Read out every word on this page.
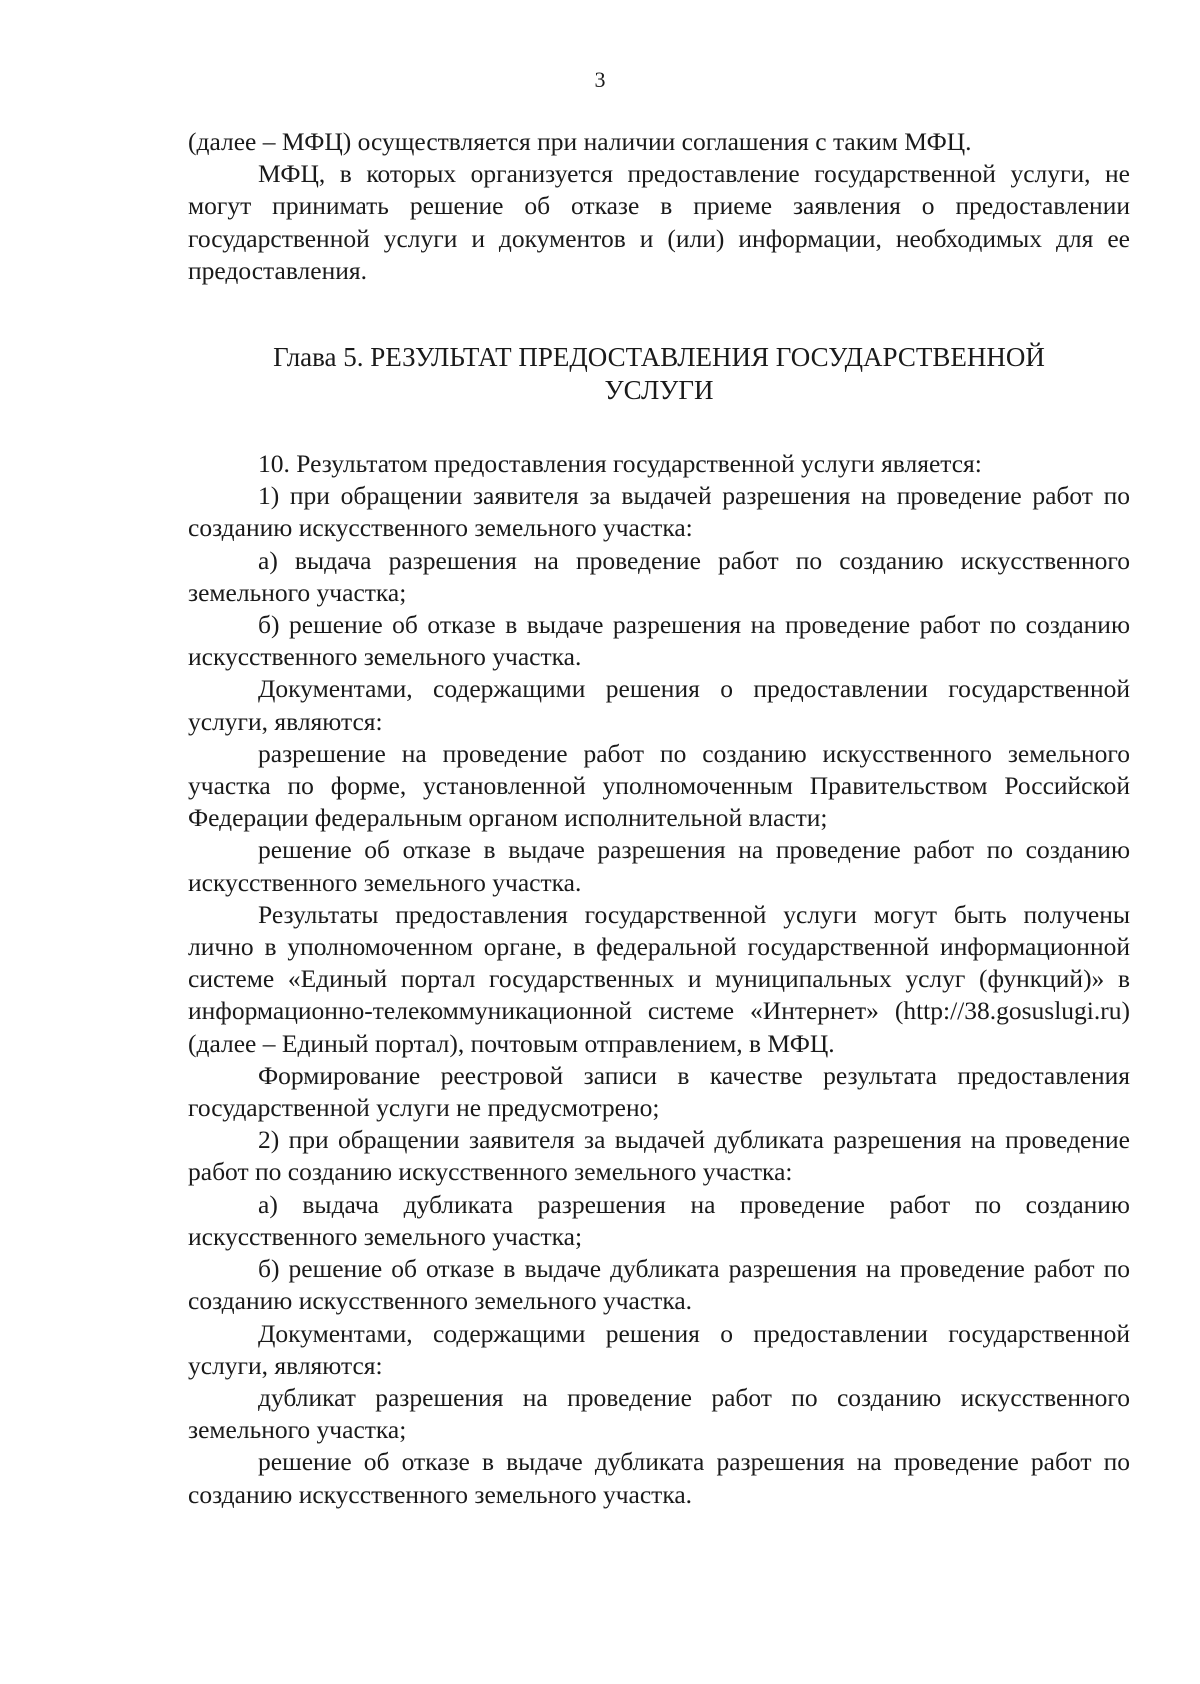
3

(далее – МФЦ) осуществляется при наличии соглашения с таким МФЦ.

МФЦ, в которых организуется предоставление государственной услуги, не могут принимать решение об отказе в приеме заявления о предоставлении государственной услуги и документов и (или) информации, необходимых для ее предоставления.

Глава 5. РЕЗУЛЬТАТ ПРЕДОСТАВЛЕНИЯ ГОСУДАРСТВЕННОЙ УСЛУГИ

10. Результатом предоставления государственной услуги является:

1) при обращении заявителя за выдачей разрешения на проведение работ по созданию искусственного земельного участка:

а) выдача разрешения на проведение работ по созданию искусственного земельного участка;

б) решение об отказе в выдаче разрешения на проведение работ по созданию искусственного земельного участка.

Документами, содержащими решения о предоставлении государственной услуги, являются:

разрешение на проведение работ по созданию искусственного земельного участка по форме, установленной уполномоченным Правительством Российской Федерации федеральным органом исполнительной власти;

решение об отказе в выдаче разрешения на проведение работ по созданию искусственного земельного участка.

Результаты предоставления государственной услуги могут быть получены лично в уполномоченном органе, в федеральной государственной информационной системе «Единый портал государственных и муниципальных услуг (функций)» в информационно-телекоммуникационной системе «Интернет» (http://38.gosuslugi.ru) (далее – Единый портал), почтовым отправлением, в МФЦ.

Формирование реестровой записи в качестве результата предоставления государственной услуги не предусмотрено;

2) при обращении заявителя за выдачей дубликата разрешения на проведение работ по созданию искусственного земельного участка:

а) выдача дубликата разрешения на проведение работ по созданию искусственного земельного участка;

б) решение об отказе в выдаче дубликата разрешения на проведение работ по созданию искусственного земельного участка.

Документами, содержащими решения о предоставлении государственной услуги, являются:

дубликат разрешения на проведение работ по созданию искусственного земельного участка;

решение об отказе в выдаче дубликата разрешения на проведение работ по созданию искусственного земельного участка.
